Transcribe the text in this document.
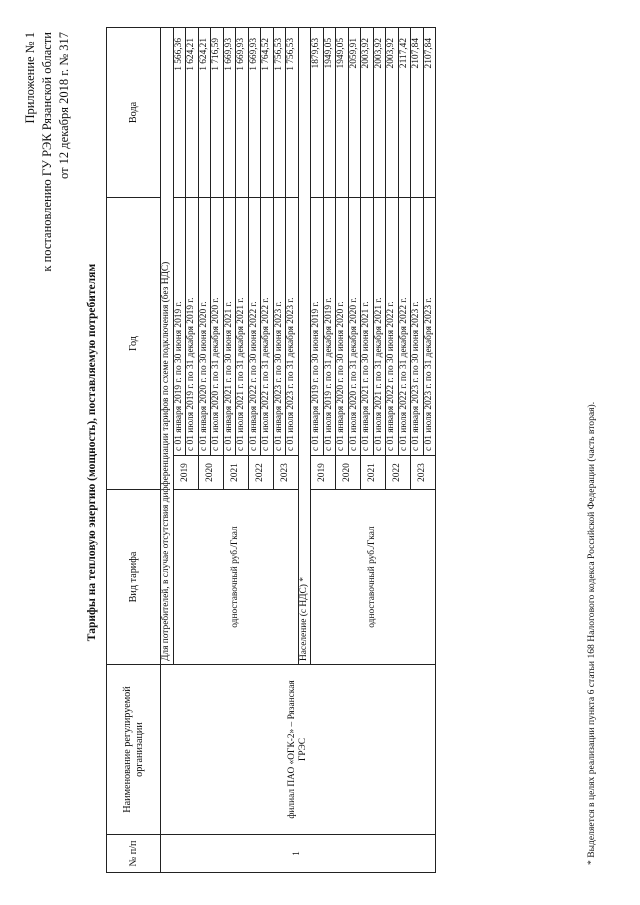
Приложение № 1 к постановлению ГУ РЭК Рязанской области от 12 декабря 2018 г. № 317
Тарифы на тепловую энергию (мощность), поставляемую потребителям
№ п/п	Наименование регулируемой организации	Вид тарифа	Год		Вода
1	филиал ПАО «ОГК-2» – Рязанская ГРЭС	Для потребителей, в случае отсутствия дифференциации тарифов по схеме подключения (без НДС)			
		одноставочный руб./Гкал	2019	с 01 января 2019 г. по 30 июня 2019 г.	1 566,36
				с 01 июля 2019 г. по 31 декабря 2019 г.	1 624,21
			2020	с 01 января 2020 г. по 30 июня 2020 г.	1 624,21
				с 01 июля 2020 г. по 31 декабря 2020 г.	1 716,59
			2021	с 01 января 2021 г. по 30 июня 2021 г.	1 669,93
				с 01 июля 2021 г. по 31 декабря 2021 г.	1 669,93
			2022	с 01 января 2022 г. по 30 июня 2022 г.	1 669,93
				с 01 июля 2022 г. по 31 декабря 2022 г.	1 764,52
			2023	с 01 января 2023 г. по 30 июня 2023 г.	1 756,53
				с 01 июля 2023 г. по 31 декабря 2023 г.	1 756,53
		Население (с НДС) *			
		одноставочный руб./Гкал	2019	с 01 января 2019 г. по 30 июня 2019 г.	1879,63
				с 01 июля 2019 г. по 31 декабря 2019 г.	1949,05
			2020	с 01 января 2020 г. по 30 июня 2020 г.	1949,05
				с 01 июля 2020 г. по 31 декабря 2020 г.	2059,91
			2021	с 01 января 2021 г. по 30 июня 2021 г.	2003,92
				с 01 июля 2021 г. по 31 декабря 2021 г.	2003,92
			2022	с 01 января 2022 г. по 30 июня 2022 г.	2003,92
				с 01 июля 2022 г. по 31 декабря 2022 г.	2117,42
			2023	с 01 января 2023 г. по 30 июня 2023 г.	2107,84
				с 01 июля 2023 г. по 31 декабря 2023 г.	2107,84
* Выделяется в целях реализации пункта 6 статьи 168 Налогового кодекса Российской Федерации (часть вторая).
